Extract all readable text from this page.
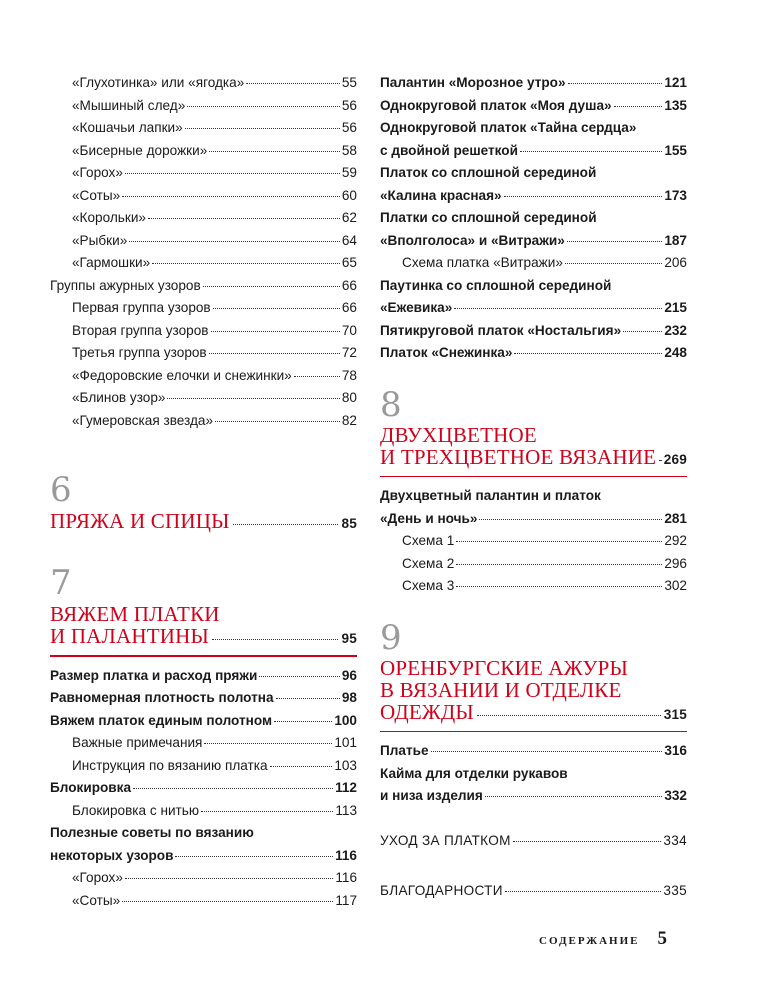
«Глухотинка» или «ягодка»	55
«Мышиный след»	56
«Кошачьи лапки»	56
«Бисерные дорожки»	58
«Горох»	59
«Соты»	60
«Корольки»	62
«Рыбки»	64
«Гармошки»	65
Группы ажурных узоров	66
Первая группа узоров	66
Вторая группа узоров	70
Третья группа узоров	72
«Федоровские елочки и снежинки»	78
«Блинов узор»	80
«Гумеровская звезда»	82
6
ПРЯЖА И СПИЦЫ	85
7
ВЯЖЕМ ПЛАТКИ
И ПАЛАНТИНЫ	95
Размер платка и расход пряжи	96
Равномерная плотность полотна	98
Вяжем платок единым полотном	100
Важные примечания	101
Инструкция по вязанию платка	103
Блокировка	112
Блокировка с нитью	113
Полезные советы по вязанию
некоторых узоров	116
«Горох»	116
«Соты»	117
Палантин «Морозное утро»	121
Однокруговой платок «Моя душа»	135
Однокруговой платок «Тайна сердца»
с двойной решеткой	155
Платок со сплошной серединой
«Калина красная»	173
Платки со сплошной серединой
«Вполголоса» и «Витражи»	187
Схема платка «Витражи»	206
Паутинка со сплошной серединой
«Ежевика»	215
Пятикруговой платок «Ностальгия»	232
Платок «Снежинка»	248
8
ДВУХЦВЕТНОЕ
И ТРЕХЦВЕТНОЕ ВЯЗАНИЕ 269
Двухцветный палантин и платок
«День и ночь»	281
Схема 1	292
Схема 2	296
Схема 3	302
9
ОРЕНБУРГСКИЕ АЖУРЫ
В ВЯЗАНИИ И ОТДЕЛКЕ
ОДЕЖДЫ	315
Платье	316
Кайма для отделки рукавов
и низа изделия	332
УХОД ЗА ПЛАТКОМ	334
БЛАГОДАРНОСТИ	335
СОДЕРЖАНИЕ 5
